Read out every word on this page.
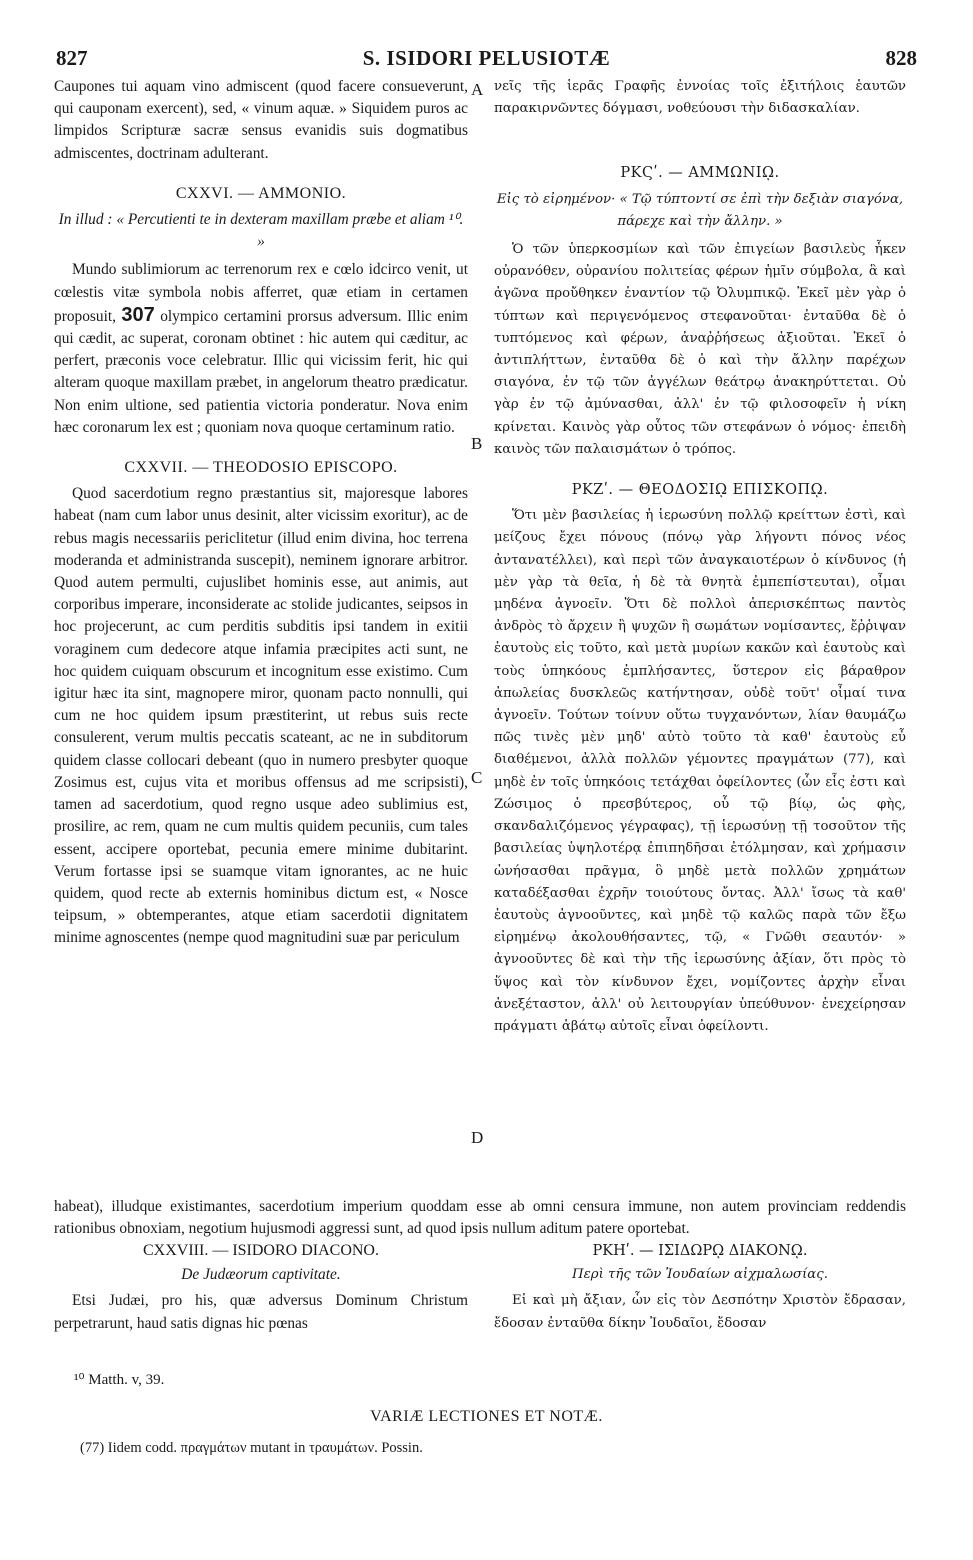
827	S. ISIDORI PELUSIOTÆ	828

Caupones tui aquam vino admiscent (quod facere consueverunt, qui cauponam exercent), sed, « vinum aquæ. » Siquidem puros ac limpidos Scripturæ sacræ sensus evanidis suis dogmatibus admiscentes, doctrinam adulterant.

CXXVI. — AMMONIO.

In illud : « Percutienti te in dexteram maxillam præbe et aliam ¹⁰. »

Mundo sublimiorum ac terrenorum rex e cœlo idcirco venit, ut cœlestis vitæ symbola nobis afferret, quæ etiam in certamen proposuit, 307 olympico certamini prorsus adversum. Illic enim qui cædit, ac superat, coronam obtinet : hic autem qui cæditur, ac perfert, præconis voce celebratur. Illic qui vicissim ferit, hic qui alteram quoque maxillam præbet, in angelorum theatro prædicatur. Non enim ultione, sed patientia victoria ponderatur. Nova enim hæc coronarum lex est ; quoniam nova quoque certaminum ratio.

CXXVII. — THEODOSIO EPISCOPO.

Quod sacerdotium regno præstantius sit, majoresque labores habeat (nam cum labor unus desinit, alter vicissim exoritur), ac de rebus magis necessariis periclitetur (illud enim divina, hoc terrena moderanda et administranda suscepit), neminem ignorare arbitror. Quod autem permulti, cujuslibet hominis esse, aut animis, aut corporibus imperare, inconsiderate ac stolide judicantes, seipsos in hoc projecerunt, ac cum perditis subditis ipsi tandem in exitii voraginem cum dedecore atque infamia præcipites acti sunt, ne hoc quidem cuiquam obscurum et incognitum esse existimo. Cum igitur hæc ita sint, magnopere miror, quonam pacto nonnulli, qui cum ne hoc quidem ipsum præstiterint, ut rebus suis recte consulerent, verum multis peccatis scateant, ac ne in subditorum quidem classe collocari debeant (quo in numero presbyter quoque Zosimus est, cujus vita et moribus offensus ad me scripsisti), tamen ad sacerdotium, quod regno usque adeo sublimius est, prosilire, ac rem, quam ne cum multis quidem pecuniis, cum tales essent, accipere oportebat, pecunia emere minime dubitarint. Verum fortasse ipsi se suamque vitam ignorantes, ac ne huic quidem, quod recte ab externis hominibus dictum est, « Nosce teipsum, » obtemperantes, atque etiam sacerdotii dignitatem minime agnoscentes (nempe quod magnitudini suæ par periculum

A
B
C
D

νεῖς τῆς ἱερᾶς Γραφῆς ἐννοίας τοῖς ἐξιτήλοις ἑαυτῶν παρακιρνῶντες δόγμασι, νοθεύουσι τὴν διδασκαλίαν.

ΡΚϚʹ. — ΑΜΜΩΝΙῼ.

Εἰς τὸ εἰρημένον· « Τῷ τύπτοντί σε ἐπὶ τὴν δεξιὰν σιαγόνα, πάρεχε καὶ τὴν ἄλλην. »

Ὁ τῶν ὑπερκοσμίων καὶ τῶν ἐπιγείων βασιλεὺς ἧκεν οὐρανόθεν, οὐρανίου πολιτείας φέρων ἡμῖν σύμβολα, ἃ καὶ ἀγῶνα προὔθηκεν ἐναντίον τῷ Ὀλυμπικῷ. Ἐκεῖ μὲν γὰρ ὁ τύπτων καὶ περιγενόμενος στεφανοῦται· ἐνταῦθα δὲ ὁ τυπτόμενος καὶ φέρων, ἀναῤῥήσεως ἀξιοῦται. Ἐκεῖ ὁ ἀντιπλήττων, ἐνταῦθα δὲ ὁ καὶ τὴν ἄλλην παρέχων σιαγόνα, ἐν τῷ τῶν ἀγγέλων θεάτρῳ ἀνακηρύττεται. Οὐ γὰρ ἐν τῷ ἀμύνασθαι, ἀλλ' ἐν τῷ φιλοσοφεῖν ἡ νίκη κρίνεται. Καινὸς γὰρ οὗτος τῶν στεφάνων ὁ νόμος· ἐπειδὴ καινὸς τῶν παλαισμάτων ὁ τρόπος.

ΡΚΖʹ. — ΘΕΟΔΟΣΙῼ ΕΠΙΣΚΟΠῼ.

Ὅτι μὲν βασιλείας ἡ ἱερωσύνη πολλῷ κρείττων ἐστὶ, καὶ μείζους ἔχει πόνους (πόνῳ γὰρ λήγοντι πόνος νέος ἀντανατέλλει), καὶ περὶ τῶν ἀναγκαιοτέρων ὁ κίνδυνος (ἡ μὲν γὰρ τὰ θεῖα, ἡ δὲ τὰ θνητὰ ἐμπεπίστευται), οἶμαι μηδένα ἀγνοεῖν. Ὅτι δὲ πολλοὶ ἀπερισκέπτως παντὸς ἀνδρὸς τὸ ἄρχειν ἢ ψυχῶν ἢ σωμάτων νομίσαντες, ἔῤῥιψαν ἑαυτοὺς εἰς τοῦτο, καὶ μετὰ μυρίων κακῶν καὶ ἑαυτοὺς καὶ τοὺς ὑπηκόους ἐμπλήσαντες, ὕστερον εἰς βάραθρον ἀπωλείας δυσκλεῶς κατήντησαν, οὐδὲ τοῦτ' οἶμαί τινα ἀγνοεῖν. Τούτων τοίνυν οὕτω τυγχανόντων, λίαν θαυμάζω πῶς τινὲς μὲν μηδ' αὐτὸ τοῦτο τὰ καθ' ἑαυτοὺς εὖ διαθέμενοι, ἀλλὰ πολλῶν γέμοντες πραγμάτων (77), καὶ μηδὲ ἐν τοῖς ὑπηκόοις τετάχθαι ὀφείλοντες (ὧν εἷς ἐστι καὶ Ζώσιμος ὁ πρεσβύτερος, οὗ τῷ βίῳ, ὡς φὴς, σκανδαλιζόμενος γέγραφας), τῇ ἱερωσύνῃ τῇ τοσοῦτον τῆς βασιλείας ὑψηλοτέρᾳ ἐπιπηδῆσαι ἐτόλμησαν, καὶ χρήμασιν ὠνήσασθαι πρᾶγμα, ὃ μηδὲ μετὰ πολλῶν χρημάτων καταδέξασθαι ἐχρῆν τοιούτους ὄντας. Ἀλλ' ἴσως τὰ καθ' ἑαυτοὺς ἀγνοοῦντες, καὶ μηδὲ τῷ καλῶς παρὰ τῶν ἔξω εἰρημένῳ ἀκολουθήσαντες, τῷ, « Γνῶθι σεαυτόν· » ἀγνοοῦντες δὲ καὶ τὴν τῆς ἱερωσύνης ἀξίαν, ὅτι πρὸς τὸ ὕψος καὶ τὸν κίνδυνον ἔχει, νομίζοντες ἀρχὴν εἶναι ἀνεξέταστον, ἀλλ' οὐ λειτουργίαν ὑπεύθυνον· ἐνεχείρησαν πράγματι ἀβάτῳ αὐτοῖς εἶναι ὀφείλοντι.

habeat), illudque existimantes, sacerdotium imperium quoddam esse ab omni censura immune, non autem provinciam reddendis rationibus obnoxiam, negotium hujusmodi aggressi sunt, ad quod ipsis nullum aditum patere oportebat.
CXXVIII. — ISIDORO DIACONO.
De Judæorum captivitate.

Etsi Judæi, pro his, quæ adversus Dominum Christum perpetrarunt, haud satis dignas hic pœnas

ΡΚΗʹ. — ΙΣΙΔΩΡῼ ΔΙΑΚΟΝῼ.
Περὶ τῆς τῶν Ἰουδαίων αἰχμαλωσίας.

Εἰ καὶ μὴ ἄξιαν, ὧν εἰς τὸν Δεσπότην Χριστὸν ἔδρασαν, ἔδοσαν ἐνταῦθα δίκην Ἰουδαῖοι, ἔδοσαν

¹⁰ Matth. v, 39.
VARIÆ LECTIONES ET NOTÆ.
(77) Iidem codd. πραγμάτων mutant in τραυμάτων. Possin.
